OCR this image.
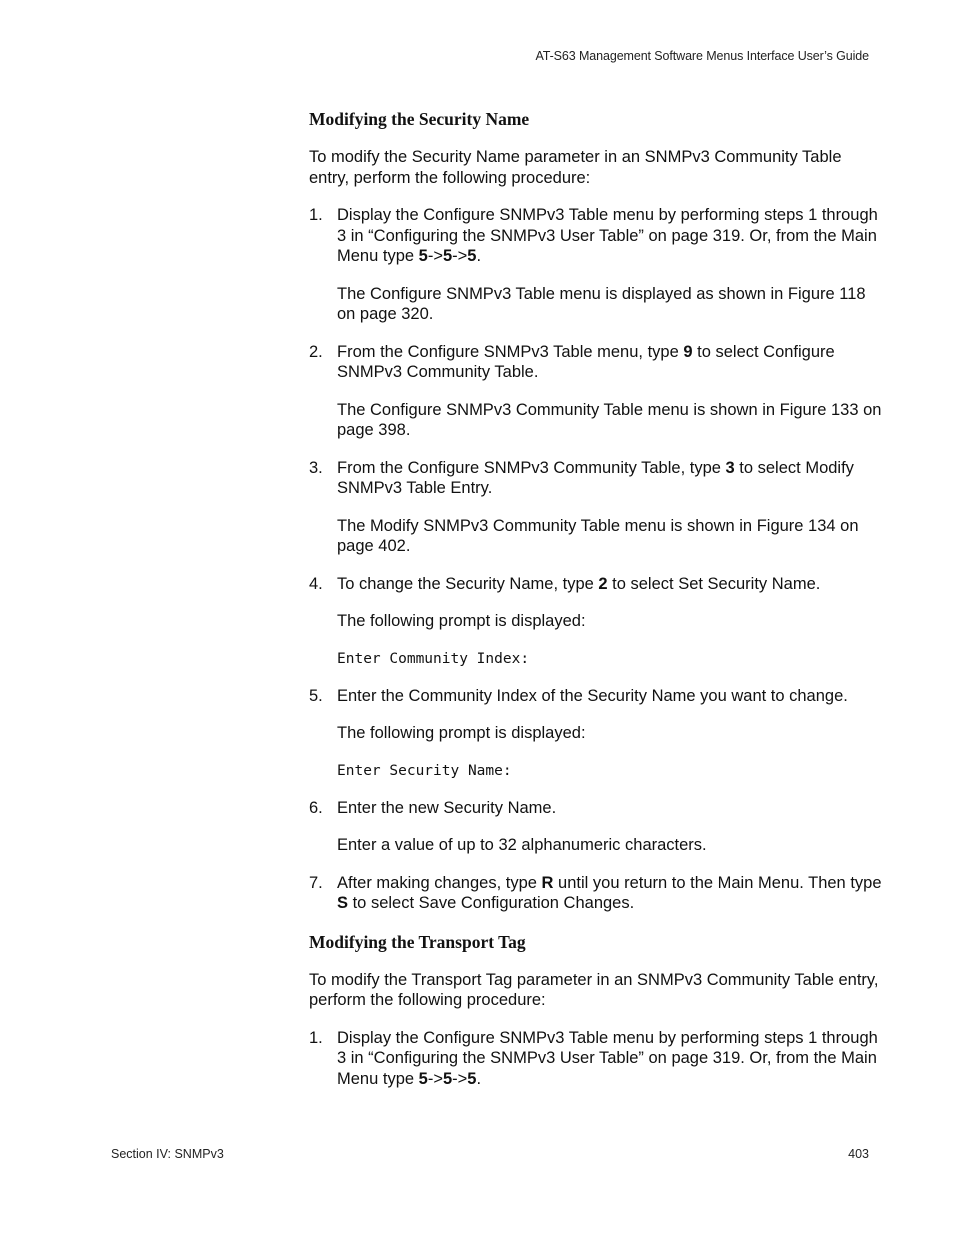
AT-S63 Management Software Menus Interface User’s Guide
Modifying the Security Name

To modify the Security Name parameter in an SNMPv3 Community Table entry, perform the following procedure:

1. Display the Configure SNMPv3 Table menu by performing steps 1 through 3 in “Configuring the SNMPv3 User Table” on page 319. Or, from the Main Menu type 5->5->5.

The Configure SNMPv3 Table menu is displayed as shown in Figure 118 on page 320.

2. From the Configure SNMPv3 Table menu, type 9 to select Configure SNMPv3 Community Table.

The Configure SNMPv3 Community Table menu is shown in Figure 133 on page 398.

3. From the Configure SNMPv3 Community Table, type 3 to select Modify SNMPv3 Table Entry.

The Modify SNMPv3 Community Table menu is shown in Figure 134 on page 402.

4. To change the Security Name, type 2 to select Set Security Name.

The following prompt is displayed:

Enter Community Index:
5. Enter the Community Index of the Security Name you want to change.

The following prompt is displayed:

Enter Security Name:
6. Enter the new Security Name.

Enter a value of up to 32 alphanumeric characters.

7. After making changes, type R until you return to the Main Menu. Then type S to select Save Configuration Changes.

Modifying the Transport Tag

To modify the Transport Tag parameter in an SNMPv3 Community Table entry, perform the following procedure:

1. Display the Configure SNMPv3 Table menu by performing steps 1 through 3 in “Configuring the SNMPv3 User Table” on page 319. Or, from the Main Menu type 5->5->5.

Section IV: SNMPv3	403
